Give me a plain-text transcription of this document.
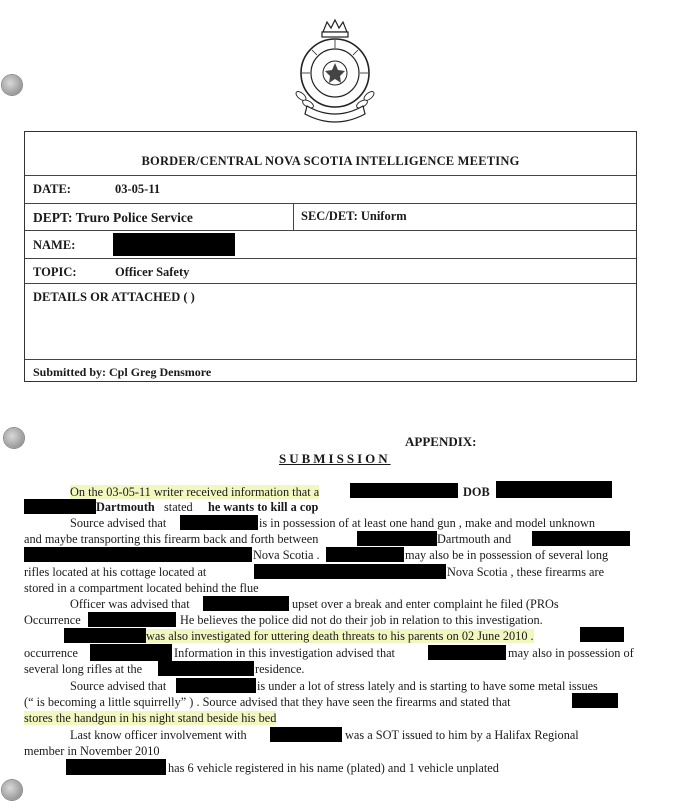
BORDER/CENTRAL NOVA SCOTIA INTELLIGENCE MEETING
DATE:	03-05-11
DEPT: Truro Police Service	SEC/DET: Uniform
NAME:
TOPIC:	Officer Safety
DETAILS OR ATTACHED ( )
Submitted by: Cpl Greg Densmore
APPENDIX:
SUBMISSION
On the 03-05-11 writer received information that a	DOB
Dartmouth stated he wants to kill a cop
Source advised that	is in possession of at least one hand gun , make and model unknown
and maybe transporting this firearm back and forth between	Dartmouth and
Nova Scotia .	may also be in possession of several long
rifles located at his cottage located at	Nova Scotia , these firearms are
stored in a compartment located behind the flue
Officer was advised that	upset over a break and enter complaint he filed (PROs
Occurrence	He believes the police did not do their job in relation to this investigation.
was also investigated for uttering death threats to his parents on 02 June 2010 .
occurrence	Information in this investigation advised that	may also in possession of
several long rifles at the	residence.
Source advised that	is under a lot of stress lately and is starting to have some metal issues
(“ is becoming a little squirrelly” ) . Source advised that they have seen the firearms and stated that
stores the handgun in his night stand beside his bed
Last know officer involvement with	was a SOT issued to him by a Halifax Regional
member in November 2010
has 6 vehicle registered in his name (plated) and 1 vehicle unplated
